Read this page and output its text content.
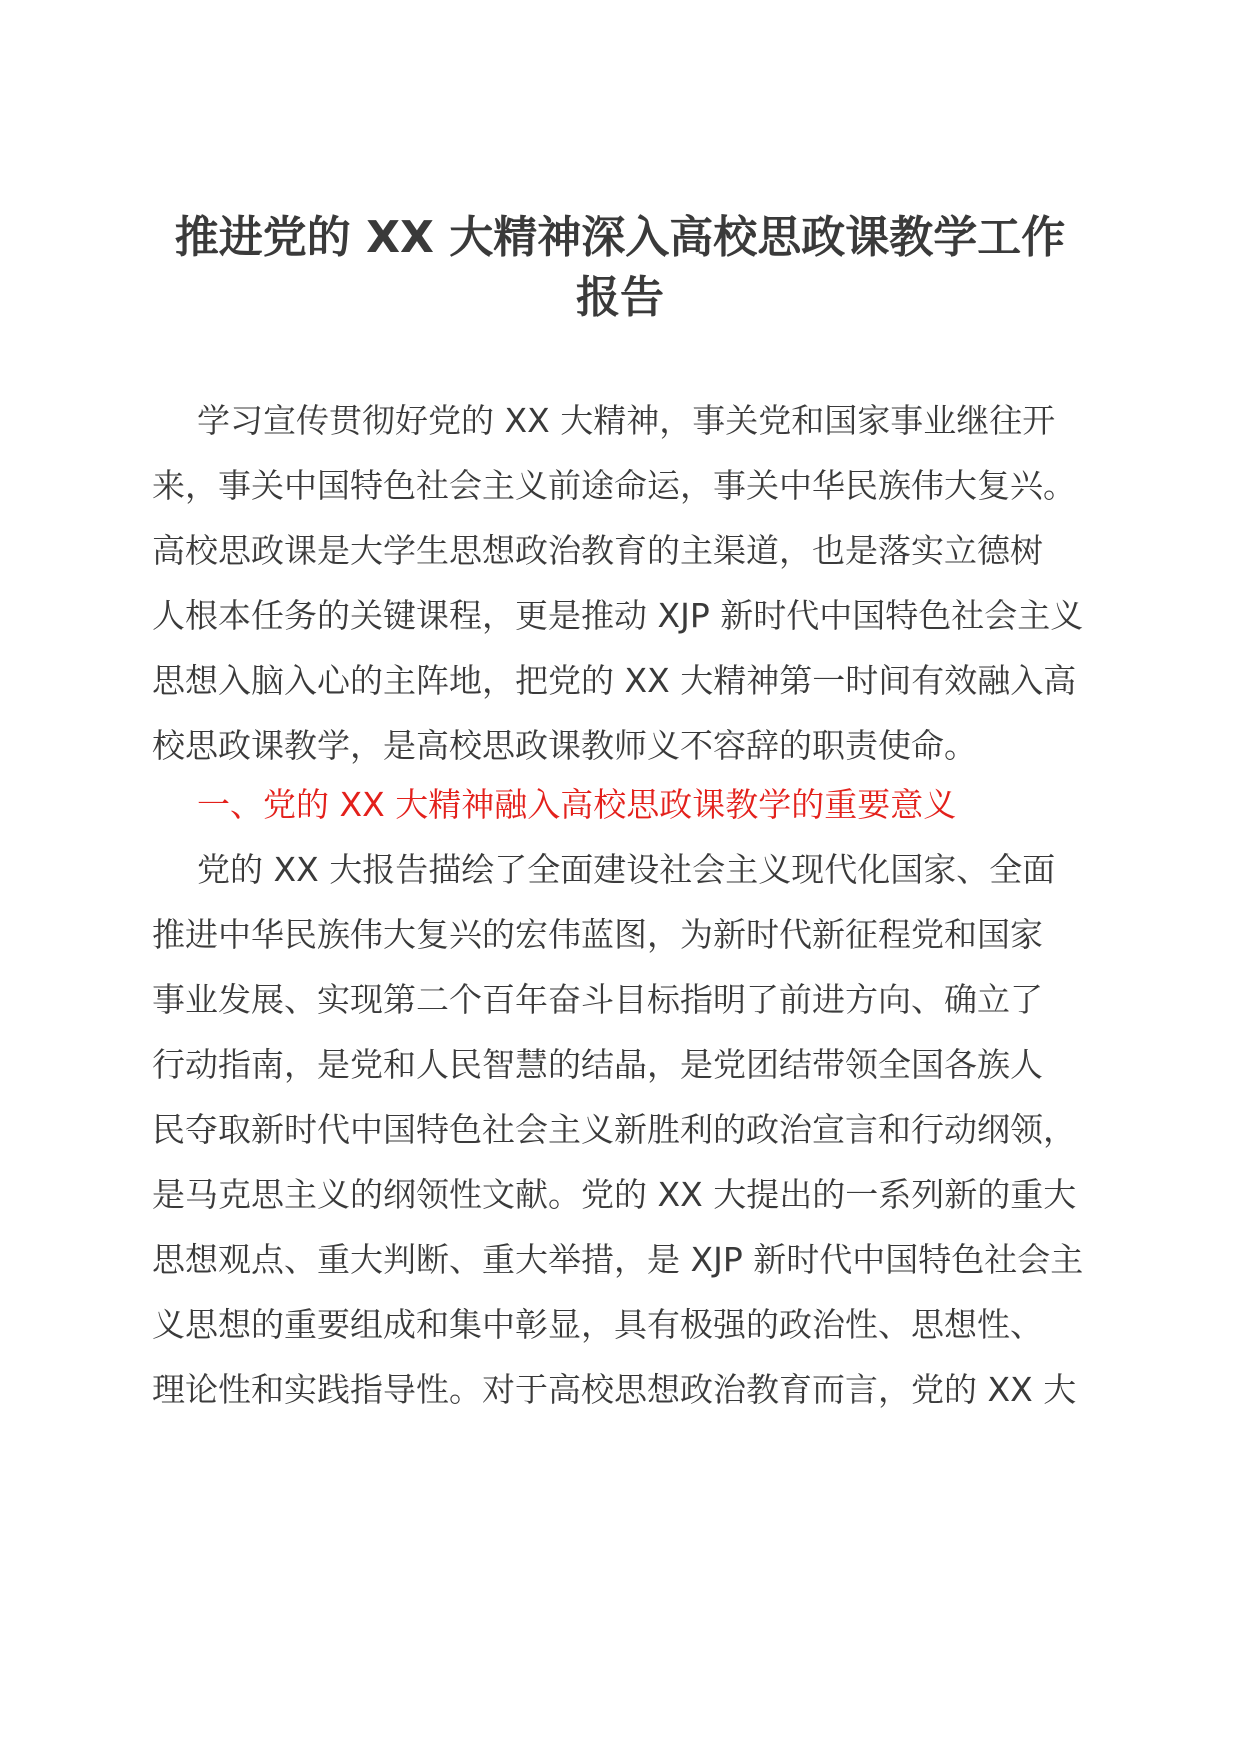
推进党的 XX 大精神深入高校思政课教学工作
报告
学习宣传贯彻好党的 XX 大精神，事关党和国家事业继往开
来，事关中国特色社会主义前途命运，事关中华民族伟大复兴。
高校思政课是大学生思想政治教育的主渠道，也是落实立德树
人根本任务的关键课程，更是推动 XJP 新时代中国特色社会主义
思想入脑入心的主阵地，把党的 XX 大精神第一时间有效融入高
校思政课教学，是高校思政课教师义不容辞的职责使命。
一、党的 XX 大精神融入高校思政课教学的重要意义
党的 XX 大报告描绘了全面建设社会主义现代化国家、全面
推进中华民族伟大复兴的宏伟蓝图，为新时代新征程党和国家
事业发展、实现第二个百年奋斗目标指明了前进方向、确立了
行动指南，是党和人民智慧的结晶，是党团结带领全国各族人
民夺取新时代中国特色社会主义新胜利的政治宣言和行动纲领，
是马克思主义的纲领性文献。党的 XX 大提出的一系列新的重大
思想观点、重大判断、重大举措，是 XJP 新时代中国特色社会主
义思想的重要组成和集中彰显，具有极强的政治性、思想性、
理论性和实践指导性。对于高校思想政治教育而言，党的 XX 大
